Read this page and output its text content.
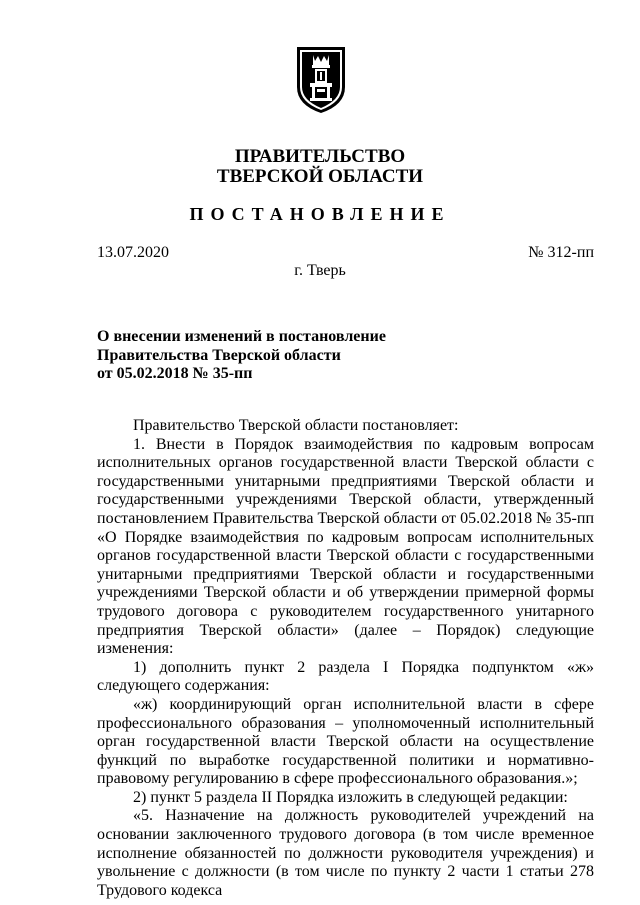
ПРАВИТЕЛЬСТВО
ТВЕРСКОЙ ОБЛАСТИ
ПОСТАНОВЛЕНИЕ
13.07.2020	№ 312-пп
г. Тверь
О внесении изменений в постановление
Правительства Тверской области
от 05.02.2018 № 35-пп

Правительство Тверской области постановляет:

1. Внести в Порядок взаимодействия по кадровым вопросам исполнительных органов государственной власти Тверской области с государственными унитарными предприятиями Тверской области и государственными учреждениями Тверской области, утвержденный постановлением Правительства Тверской области от 05.02.2018 № 35-пп «О Порядке взаимодействия по кадровым вопросам исполнительных органов государственной власти Тверской области с государственными унитарными предприятиями Тверской области и государственными учреждениями Тверской области и об утверждении примерной формы трудового договора с руководителем государственного унитарного предприятия Тверской области» (далее – Порядок) следующие изменения:

1) дополнить пункт 2 раздела I Порядка подпунктом «ж» следующего содержания:

«ж) координирующий орган исполнительной власти в сфере профессионального образования – уполномоченный исполнительный орган государственной власти Тверской области на осуществление функций по выработке государственной политики и нормативно-правовому регулированию в сфере профессионального образования.»;

2) пункт 5 раздела II Порядка изложить в следующей редакции:

«5. Назначение на должность руководителей учреждений на основании заключенного трудового договора (в том числе временное исполнение обязанностей по должности руководителя учреждения) и увольнение с должности (в том числе по пункту 2 части 1 статьи 278 Трудового кодекса
